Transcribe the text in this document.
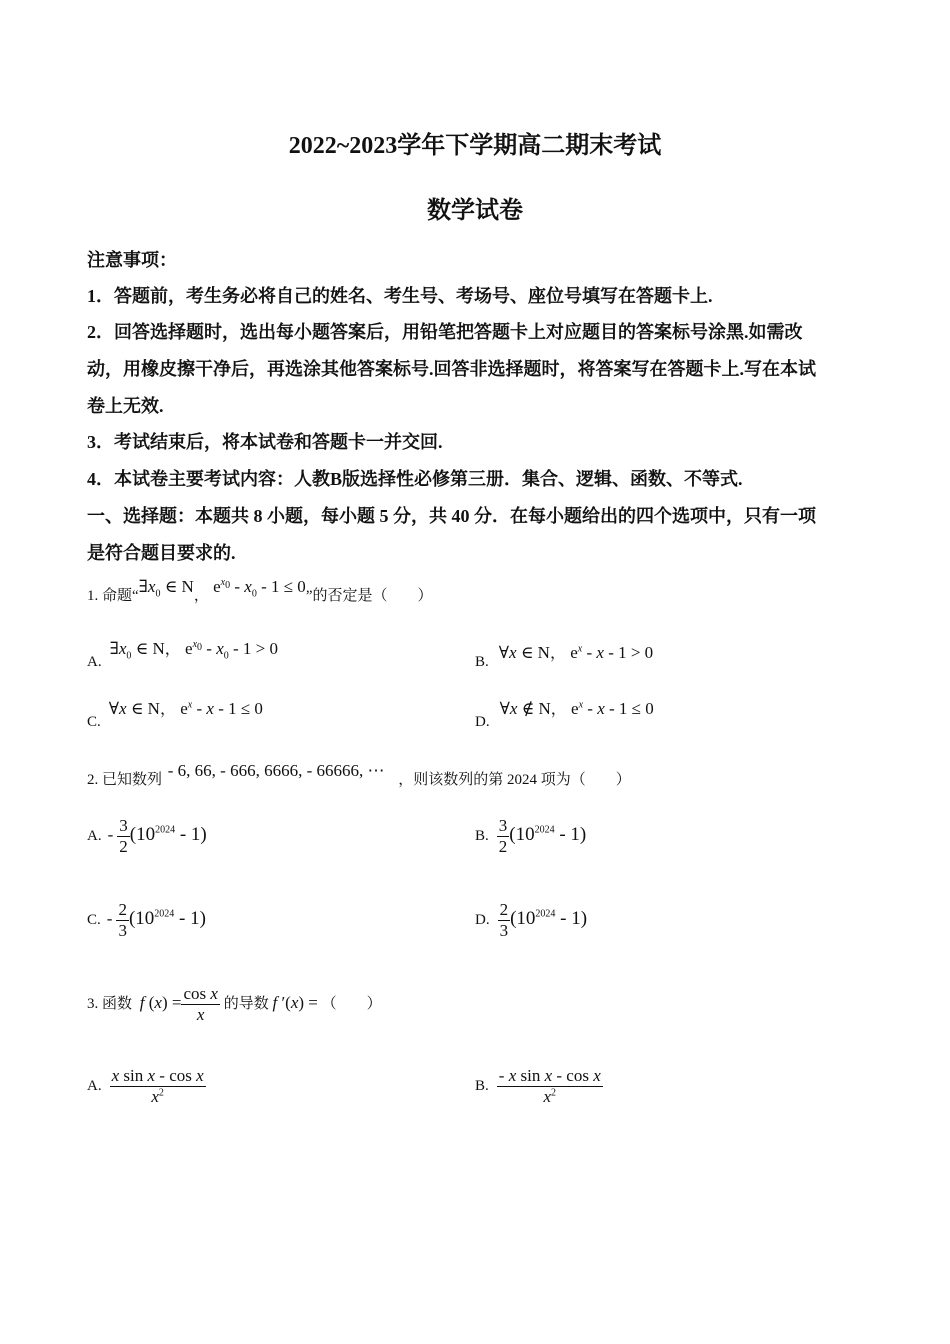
2022~2023学年下学期高二期末考试
数学试卷
注意事项：
1．答题前，考生务必将自己的姓名、考生号、考场号、座位号填写在答题卡上.
2．回答选择题时，选出每小题答案后，用铅笔把答题卡上对应题目的答案标号涂黑.如需改
动，用橡皮擦干净后，再选涂其他答案标号.回答非选择题时，将答案写在答题卡上.写在本试
卷上无效.
3．考试结束后，将本试卷和答题卡一并交回.
4．本试卷主要考试内容：人教B版选择性必修第三册．集合、逻辑、函数、不等式.
一、选择题：本题共 8 小题，每小题 5 分，共 40 分．在每小题给出的四个选项中，只有一项
是符合题目要求的.
1. 命题“$\exists x_0$ ∈ N， $e^{x_0} - x_0 - 1 \le 0$”的否定是（　　）
A. $\exists x_0$ ∈ N， $e^{x_0} - x_0 - 1 > 0$
B. ∀x ∈ N， $e^x - x - 1 > 0$
C. ∀x ∈ N， $e^x - x - 1 \le 0$
D. ∀x ∉ N， $e^x - x - 1 \le 0$
2. 已知数列 - 6, 66, - 666, 6666, - 66666, ⋯ ，则该数列的第 2024 项为（　　）
A. - $\frac{3}{2} (10^{2024} - 1)$	B. $\frac{3}{2} (10^{2024} - 1)$
C. - $\frac{2}{3} (10^{2024} - 1)$	D. $\frac{2}{3} (10^{2024} - 1)$
3. 函数 f $(x) = \frac{\text{cos x}}{x}$ 的导数 f ′(x) = （　　）
A. $\frac{\text{x sin x - cos x}}{x^2}$	B. $\frac{\text{- x sin x - cos x}}{x^2}$
